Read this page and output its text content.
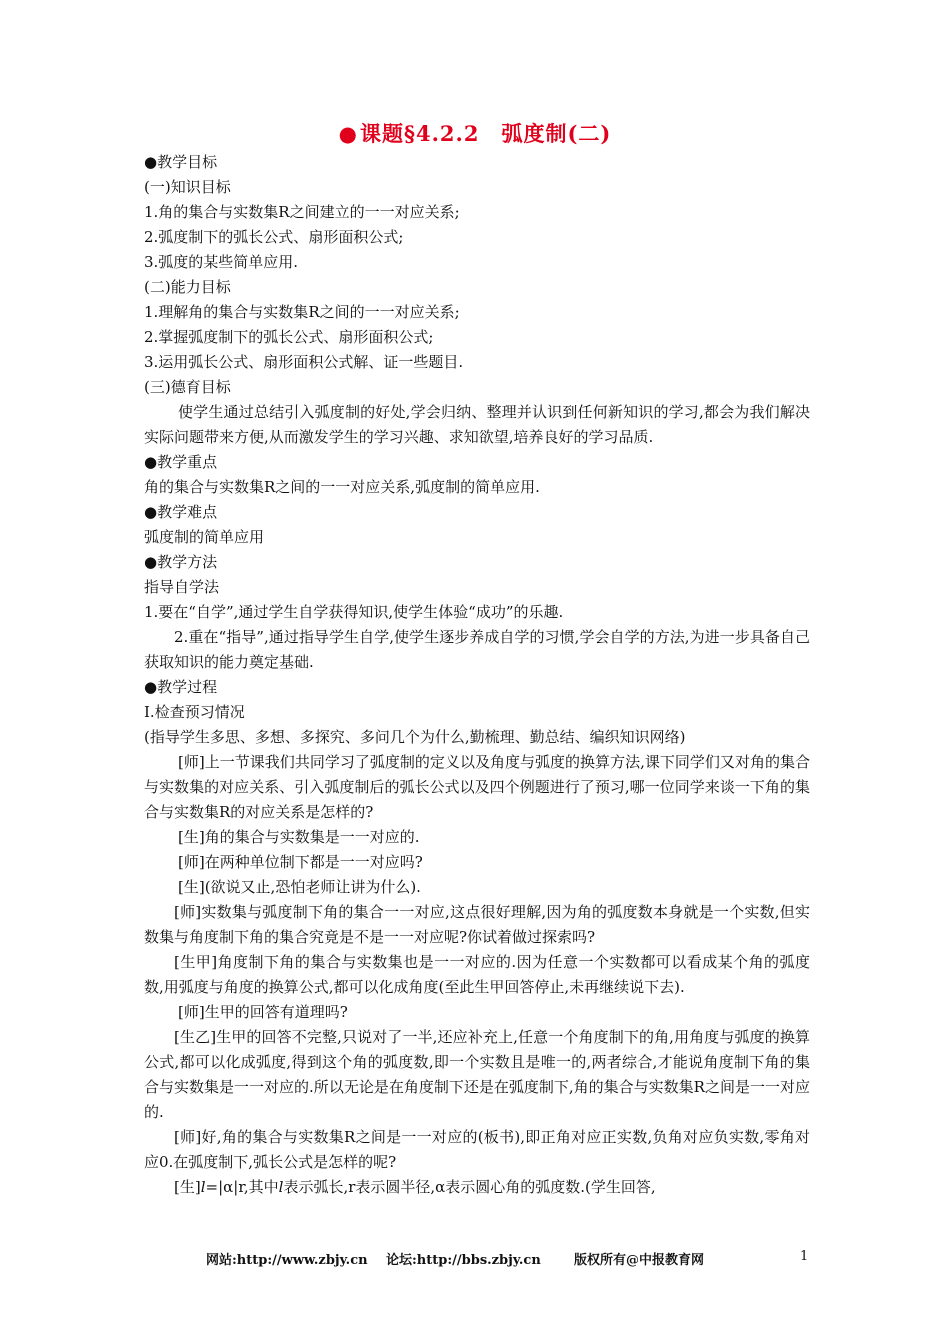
●课题§4.2.2　弧度制(二)

●教学目标

(一)知识目标

1.角的集合与实数集R之间建立的一一对应关系;

2.弧度制下的弧长公式、扇形面积公式;

3.弧度的某些简单应用.

(二)能力目标

1.理解角的集合与实数集R之间的一一对应关系;

2.掌握弧度制下的弧长公式、扇形面积公式;

3.运用弧长公式、扇形面积公式解、证一些题目.

(三)德育目标

使学生通过总结引入弧度制的好处,学会归纳、整理并认识到任何新知识的学习,都会为我们解决实际问题带来方便,从而激发学生的学习兴趣、求知欲望,培养良好的学习品质.

●教学重点

角的集合与实数集R之间的一一对应关系,弧度制的简单应用.

●教学难点

弧度制的简单应用

●教学方法

指导自学法

1.要在“自学”,通过学生自学获得知识,使学生体验“成功”的乐趣.

2.重在“指导”,通过指导学生自学,使学生逐步养成自学的习惯,学会自学的方法,为进一步具备自己获取知识的能力奠定基础.

●教学过程

Ⅰ.检查预习情况

(指导学生多思、多想、多探究、多问几个为什么,勤梳理、勤总结、编织知识网络)

[师]上一节课我们共同学习了弧度制的定义以及角度与弧度的换算方法,课下同学们又对角的集合与实数集的对应关系、引入弧度制后的弧长公式以及四个例题进行了预习,哪一位同学来谈一下角的集合与实数集R的对应关系是怎样的?

[生]角的集合与实数集是一一对应的.

[师]在两种单位制下都是一一对应吗?

[生](欲说又止,恐怕老师让讲为什么).

[师]实数集与弧度制下角的集合一一对应,这点很好理解,因为角的弧度数本身就是一个实数,但实数集与角度制下角的集合究竟是不是一一对应呢?你试着做过探索吗?

[生甲]角度制下角的集合与实数集也是一一对应的.因为任意一个实数都可以看成某个角的弧度数,用弧度与角度的换算公式,都可以化成角度(至此生甲回答停止,未再继续说下去).

[师]生甲的回答有道理吗?

[生乙]生甲的回答不完整,只说对了一半,还应补充上,任意一个角度制下的角,用角度与弧度的换算公式,都可以化成弧度,得到这个角的弧度数,即一个实数且是唯一的,两者综合,才能说角度制下角的集合与实数集是一一对应的.所以无论是在角度制下还是在弧度制下,角的集合与实数集R之间是一一对应的.

[师]好,角的集合与实数集R之间是一一对应的(板书),即正角对应正实数,负角对应负实数,零角对应0.在弧度制下,弧长公式是怎样的呢?

[生]l=|α|r,其中l表示弧长,r表示圆半径,α表示圆心角的弧度数.(学生回答,

网站:http://www.zbjy.cn 论坛:http://bbs.zbjy.cn	版权所有@中报教育网	1
